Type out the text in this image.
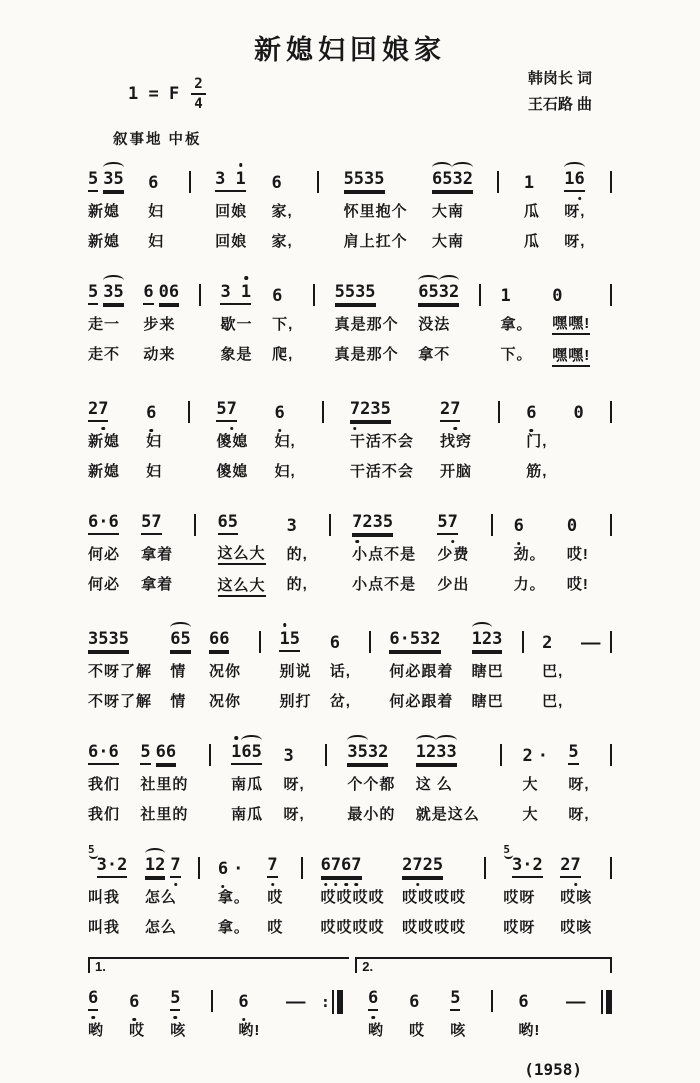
新媳妇回娘家
1 = F $\frac{2}{4}$	韩岗长 词
王石路 曲
叙事地 中板
5 35
新媳
新媳
6
妇
妇
3 1
回娘
回娘
6
家,
家,
5535
怀里抱个
肩上扛个
6532
大南
大南
1
瓜
瓜
16
呀,
呀,
5 35
走一
走不
6 06
步来
动来
3 1
歇一
象是
6
下,
爬,
5535
真是那个
真是那个
6532
没法
拿不
1
拿。
下。
0
嘿嘿!
嘿嘿!
27
新媳
新媳
6
妇
妇
57
傻媳
傻媳
6
妇,
妇,
7235
干活不会
干活不会
27
找窍
开脑
6
门,
筋,
0
6·6
何必
何必
57
拿着
拿着
65
这么大
这么大
3
的,
的,
7235
小点不是
小点不是
57
少费
少出
6
劲。
力。
0
哎!
哎!
3535
不呀了解
不呀了解
65
情
情
66
况你
况你
15
别说
别打
6
话,
岔,
6·532
何必跟着
何必跟着
123
瞎巴
瞎巴
2
巴,
巴,
—
6·6
我们
我们
5 66
社里的
社里的
165
南瓜
南瓜
3
呀,
呀,
3532
个个都
最小的
1233
这 么
就是这么
2 ·
大
大
5
呀,
呀,
5
3·2
叫我
叫我
12 7
怎么
怎么
6 ·
拿。
拿。
7
哎
哎
6767
哎哎哎哎
哎哎哎哎
2725
哎哎哎哎
哎哎哎哎
5
3·2
哎呀
哎呀
27
哎咳
哎咳
1.	2.
6
哟
6
哎
5
咳
6
哟!
— : 6
哟
6
哎
5
咳
6
哟!
—
(1958)
